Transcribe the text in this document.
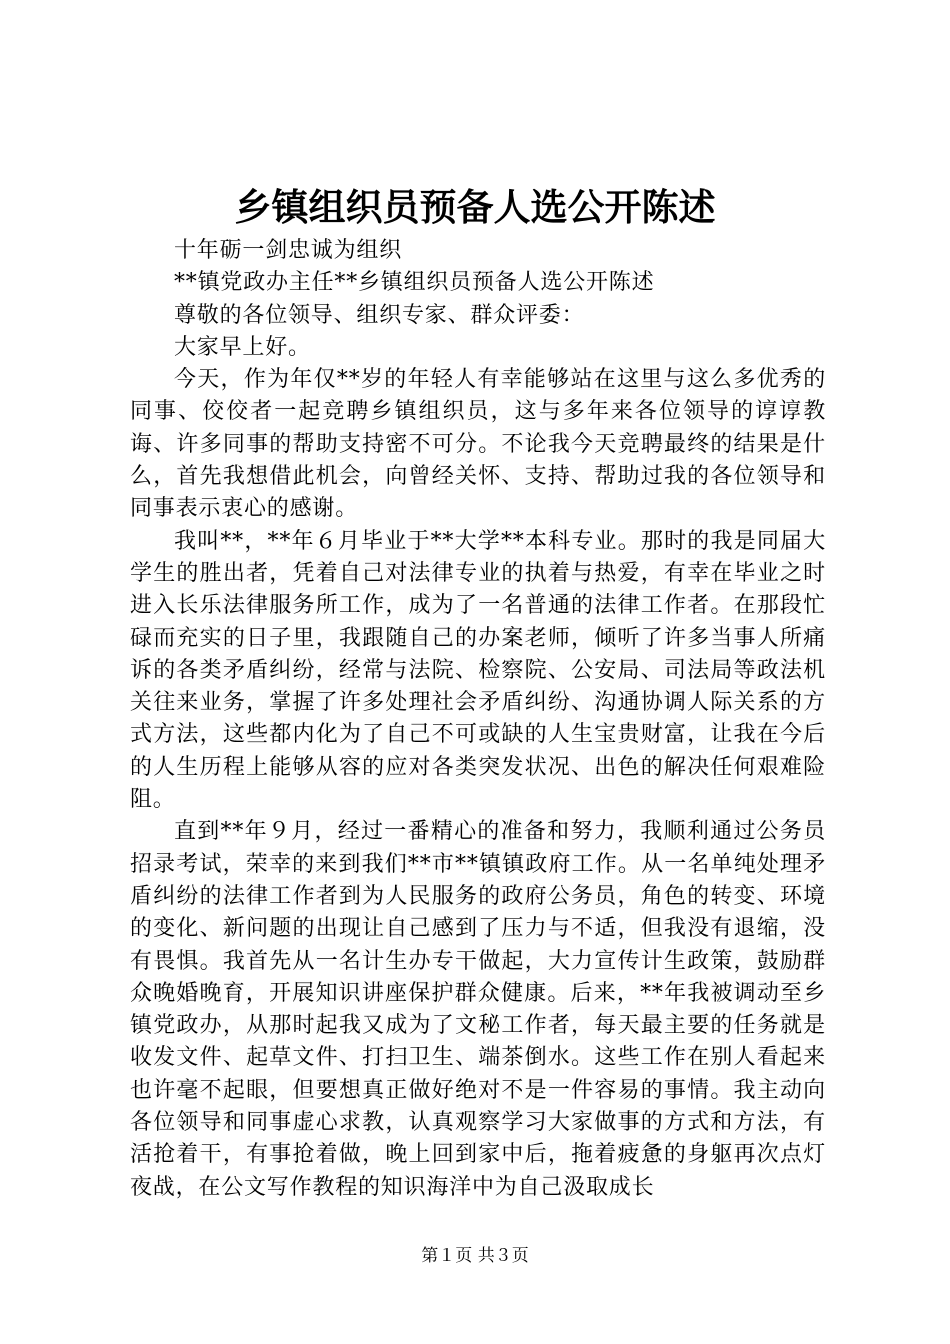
乡镇组织员预备人选公开陈述

十年砺一剑忠诚为组织

**镇党政办主任**乡镇组织员预备人选公开陈述

尊敬的各位领导、组织专家、群众评委：

大家早上好。

今天，作为年仅**岁的年轻人有幸能够站在这里与这么多优秀的同事、佼佼者一起竞聘乡镇组织员，这与多年来各位领导的谆谆教诲、许多同事的帮助支持密不可分。不论我今天竞聘最终的结果是什么，首先我想借此机会，向曾经关怀、支持、帮助过我的各位领导和同事表示衷心的感谢。

我叫**，**年６月毕业于**大学**本科专业。那时的我是同届大学生的胜出者，凭着自己对法律专业的执着与热爱，有幸在毕业之时进入长乐法律服务所工作，成为了一名普通的法律工作者。在那段忙碌而充实的日子里，我跟随自己的办案老师，倾听了许多当事人所痛诉的各类矛盾纠纷，经常与法院、检察院、公安局、司法局等政法机关往来业务，掌握了许多处理社会矛盾纠纷、沟通协调人际关系的方式方法，这些都内化为了自己不可或缺的人生宝贵财富，让我在今后的人生历程上能够从容的应对各类突发状况、出色的解决任何艰难险阻。

直到**年９月，经过一番精心的准备和努力，我顺利通过公务员招录考试，荣幸的来到我们**市**镇镇政府工作。从一名单纯处理矛盾纠纷的法律工作者到为人民服务的政府公务员，角色的转变、环境的变化、新问题的出现让自己感到了压力与不适，但我没有退缩，没有畏惧。我首先从一名计生办专干做起，大力宣传计生政策，鼓励群众晚婚晚育，开展知识讲座保护群众健康。后来，**年我被调动至乡镇党政办，从那时起我又成为了文秘工作者，每天最主要的任务就是收发文件、起草文件、打扫卫生、端茶倒水。这些工作在别人看起来也许毫不起眼，但要想真正做好绝对不是一件容易的事情。我主动向各位领导和同事虚心求教，认真观察学习大家做事的方式和方法，有活抢着干，有事抢着做，晚上回到家中后，拖着疲惫的身躯再次点灯夜战，在公文写作教程的知识海洋中为自己汲取成长

第１页 共３页
